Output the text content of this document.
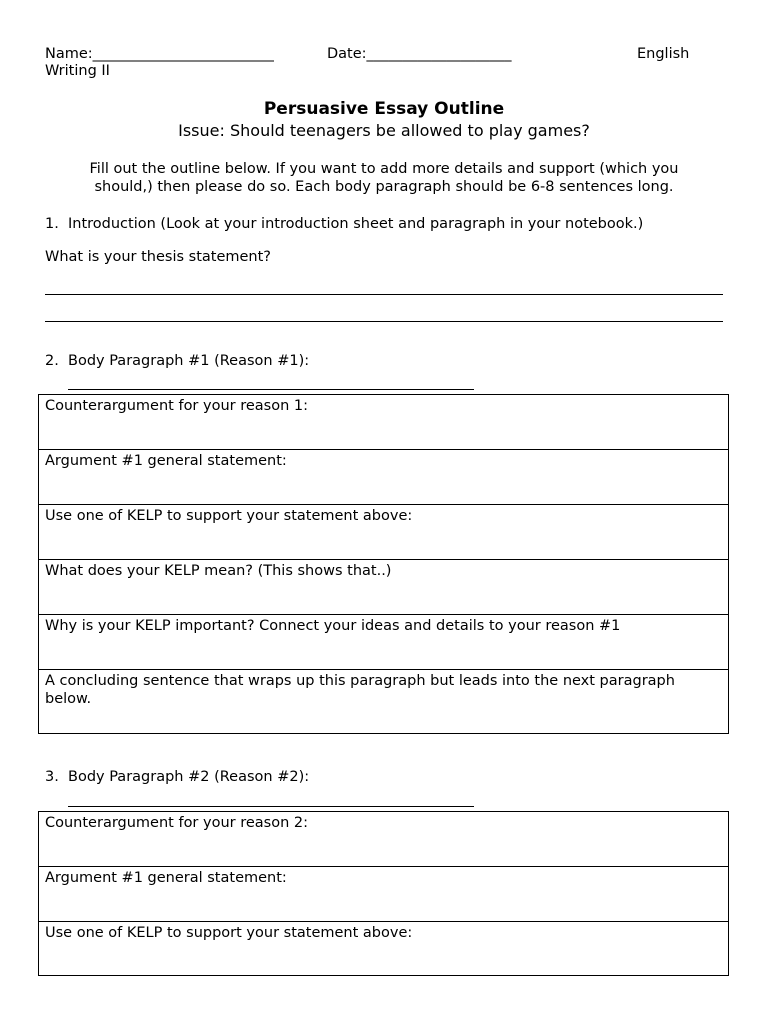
Name:_________________________	Date:____________________	English
Writing II
Persuasive Essay Outline
Issue: Should teenagers be allowed to play games?
Fill out the outline below. If you want to add more details and support (which you should,) then please do so. Each body paragraph should be 6-8 sentences long.
1. Introduction (Look at your introduction sheet and paragraph in your notebook.)
What is your thesis statement?
2. Body Paragraph #1 (Reason #1):
Counterargument for your reason 1:
Argument #1 general statement:
Use one of KELP to support your statement above:
What does your KELP mean? (This shows that..)
Why is your KELP important? Connect your ideas and details to your reason #1
A concluding sentence that wraps up this paragraph but leads into the next paragraph below.
3. Body Paragraph #2 (Reason #2):
Counterargument for your reason 2:
Argument #1 general statement:
Use one of KELP to support your statement above:
